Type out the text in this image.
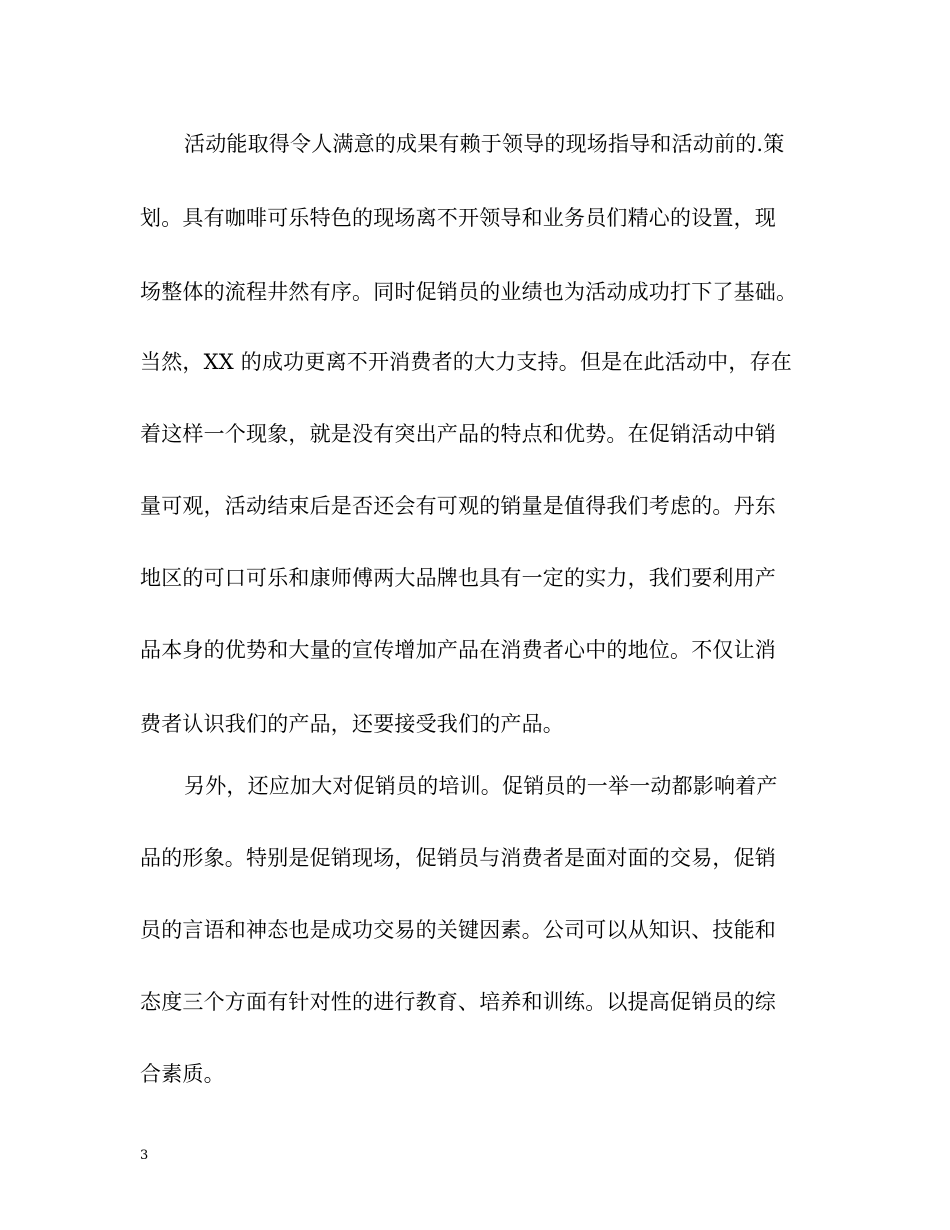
活动能取得令人满意的成果有赖于领导的现场指导和活动前的.策
划。具有咖啡可乐特色的现场离不开领导和业务员们精心的设置，现
场整体的流程井然有序。同时促销员的业绩也为活动成功打下了基础。
当然，XX 的成功更离不开消费者的大力支持。但是在此活动中，存在
着这样一个现象，就是没有突出产品的特点和优势。在促销活动中销
量可观，活动结束后是否还会有可观的销量是值得我们考虑的。丹东
地区的可口可乐和康师傅两大品牌也具有一定的实力，我们要利用产
品本身的优势和大量的宣传增加产品在消费者心中的地位。不仅让消
费者认识我们的产品，还要接受我们的产品。
另外，还应加大对促销员的培训。促销员的一举一动都影响着产
品的形象。特别是促销现场，促销员与消费者是面对面的交易，促销
员的言语和神态也是成功交易的关键因素。公司可以从知识、技能和
态度三个方面有针对性的进行教育、培养和训练。以提高促销员的综
合素质。
3
